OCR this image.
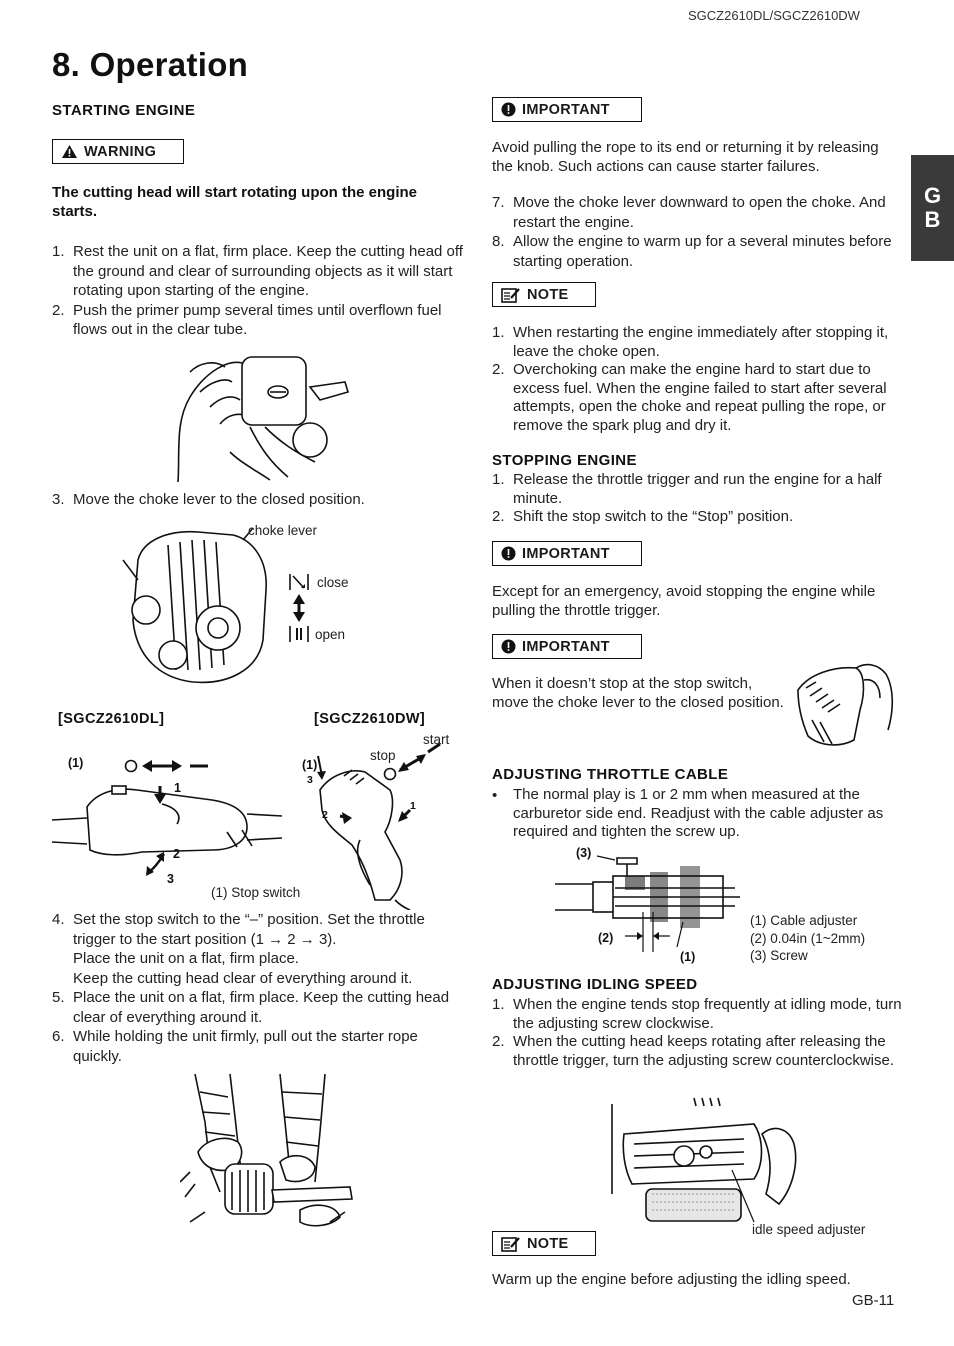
SGCZ2610DL/SGCZ2610DW
8. Operation
G
B
STARTING ENGINE
WARNING
The cutting head will start rotating upon the engine starts.
1. Rest the unit on a flat, firm place. Keep the cutting head off the ground and clear of surrounding objects as it will start rotating upon starting of the engine.
2. Push the primer pump several times until overflown fuel flows out in the clear tube.
3. Move the choke lever to the closed position.
choke lever
close
open
[SGCZ2610DL]	[SGCZ2610DW]
(1)
1
2
3
(1) Stop switch
start
stop
(1)
3
2
1
4. Set the stop switch to the “–” position. Set the throttle trigger to the start position (1 → 2 → 3).
Place the unit on a flat, firm place.
Keep the cutting head clear of everything around it.
5. Place the unit on a flat, firm place. Keep the cutting head clear of everything around it.
6. While holding the unit firmly, pull out the starter rope quickly.
IMPORTANT
Avoid pulling the rope to its end or returning it by releasing the knob. Such actions can cause starter failures.
7. Move the choke lever downward to open the choke. And restart the engine.
8. Allow the engine to warm up for a several minutes before starting operation.
NOTE
1. When restarting the engine immediately after stopping it, leave the choke open.
2. Overchoking can make the engine hard to start due to excess fuel. When the engine failed to start after several attempts, open the choke and repeat pulling the rope, or remove the spark plug and dry it.
STOPPING ENGINE
1. Release the throttle trigger and run the engine for a half minute.
2. Shift the stop switch to the “Stop” position.
IMPORTANT
Except for an emergency, avoid stopping the engine while pulling the throttle trigger.
IMPORTANT
When it doesn’t stop at the stop switch, move the choke lever to the closed position.
ADJUSTING THROTTLE CABLE
•	The normal play is 1 or 2 mm when measured at the carburetor side end. Readjust with the cable adjuster as required and tighten the screw up.
(3)
(2)
(1)
(1) Cable adjuster
(2) 0.04in (1~2mm)
(3) Screw
ADJUSTING IDLING SPEED
1. When the engine tends stop frequently at idling mode, turn the adjusting screw clockwise.
2. When the cutting head keeps rotating after releasing the throttle trigger, turn the adjusting screw counterclockwise.
idle speed adjuster
NOTE
Warm up the engine before adjusting the idling speed.
GB-11
